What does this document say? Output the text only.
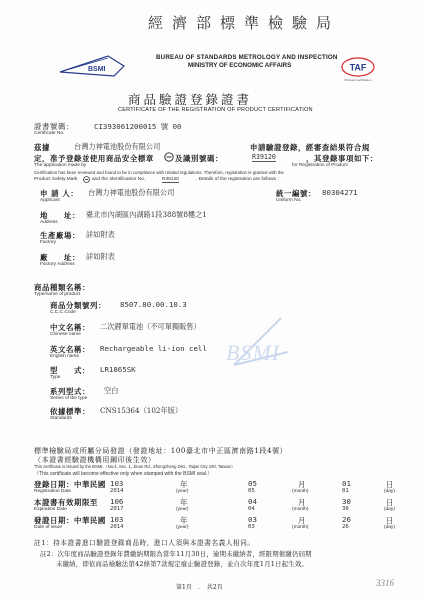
BSMI
經濟部標準檢驗局
BUREAU OF STANDARDS METROLOGY AND INSPECTION
MINISTRY OF ECONOMIC AFFAIRS	TAF
Product Certification
商品驗證登錄證書
CERTIFICATE OF THE REGISTRATION OF PRODUCT CERTIFICATION
證書號碼：	CI393061200015 號 00
Certificate No.
茲據	台灣力神電池股份有限公司	申請驗證登錄，經審查結果符合規
定，准予登錄並使用商品安全標章	及識別號碼：	R39120	，其登錄事項如下：
The application made by	for Registration of Product
Certification has been reviewed and found to be in compliance with related regulations. Therefore, registration is granted with the
Product Safety Mark	and the Identification No.	R39120	. Details of the registration are follows :
申 請 人： 台灣力神電池股份有限公司
Applicant
統一編號： 80304271
Uniform No.
地　　址： 臺北市內湖區內湖路1段388號8樓之1
Address
生產廠場： 詳如附表
Factory
廠　　址： 詳如附表
Factory Address
商品種類名稱：
Type/name of product
商品分類號列： 8507.80.00.10.3
C.C.C Code
中文名稱： 二次鋰單電池（不可單獨販售）
Chinese name
英文名稱： Rechargeable li-ion cell
English name
型　　式： LR1865SK
Type
系列型式： 空白
Series of the type
依據標準： CNS15364（102年版）
Standards
BSMI
標準檢驗局或所屬分局發證（發證地址：100臺北市中正區濟南路1段4號）
（本證書經驗證機構用鋼印後生效）
This certificate is issued by the BSMI.（No.4, Sec. 1, Jinan Rd., Zhongzheng Dist., Taipei City 100, Taiwan）
（This certificate will become effective only when stamped with the BSMI seal.）
登錄日期：中華民國 103	年	05	月	01	日
Registration Date	2014	(year)	05	(month)	01	(day)
本證書有效期限至 106	年	04	月	30	日
Expiration Date	2017	(year)	04	(month)	30	(day)
發證日期：中華民國 103	年	03	月	26	日
Date of issue	2014	(year)	03	(month)	26	(day)
註1：持本證書進口驗證登錄商品時，進口人須與本證書名義人相同。
註2：次年度商品驗證登錄年費繳納期限為當年11月30日，逾期未繳納者，經限期催繳仍屆期
未繳納，即依商品檢驗法第42條第7款規定廢止驗證登錄，並自次年度1月1日起生效。
第1頁　．　共2頁	3316
